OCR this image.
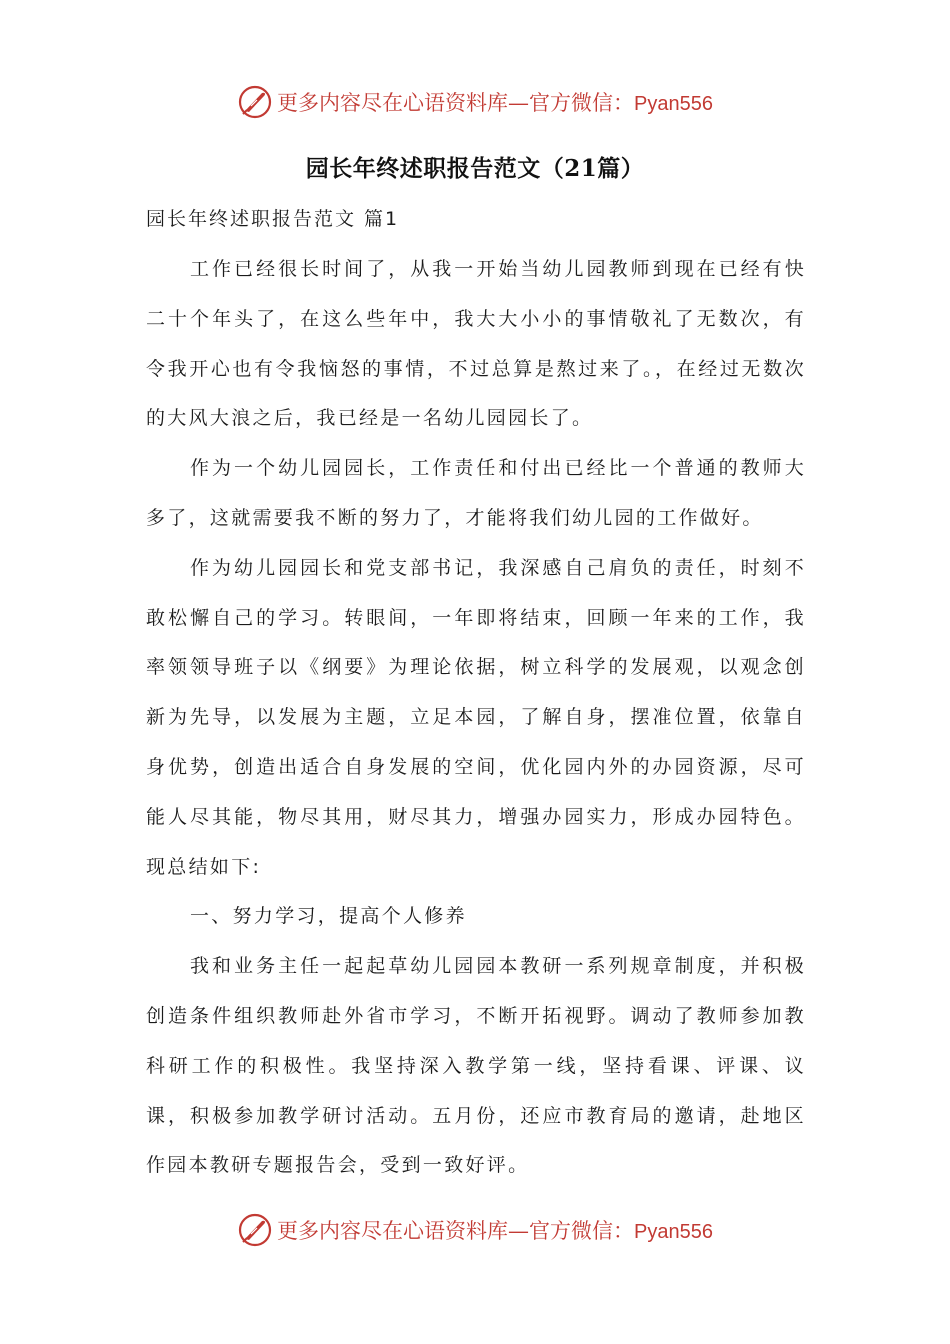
更多内容尽在心语资料库—官方微信：Pyan556
园长年终述职报告范文（21篇）
园长年终述职报告范文 篇1

工作已经很长时间了，从我一开始当幼儿园教师到现在已经有快二十个年头了，在这么些年中，我大大小小的事情敬礼了无数次，有令我开心也有令我恼怒的事情，不过总算是熬过来了。，在经过无数次的大风大浪之后，我已经是一名幼儿园园长了。

作为一个幼儿园园长，工作责任和付出已经比一个普通的教师大多了，这就需要我不断的努力了，才能将我们幼儿园的工作做好。

作为幼儿园园长和党支部书记，我深感自己肩负的责任，时刻不敢松懈自己的学习。转眼间，一年即将结束，回顾一年来的工作，我率领领导班子以《纲要》为理论依据，树立科学的发展观，以观念创新为先导，以发展为主题，立足本园，了解自身，摆准位置，依靠自身优势，创造出适合自身发展的空间，优化园内外的办园资源，尽可能人尽其能，物尽其用，财尽其力，增强办园实力，形成办园特色。现总结如下:

一、努力学习，提高个人修养

我和业务主任一起起草幼儿园园本教研一系列规章制度，并积极创造条件组织教师赴外省市学习，不断开拓视野。调动了教师参加教科研工作的积极性。我坚持深入教学第一线，坚持看课、评课、议课，积极参加教学研讨活动。五月份，还应市教育局的邀请，赴地区作园本教研专题报告会，受到一致好评。

更多内容尽在心语资料库—官方微信：Pyan556
